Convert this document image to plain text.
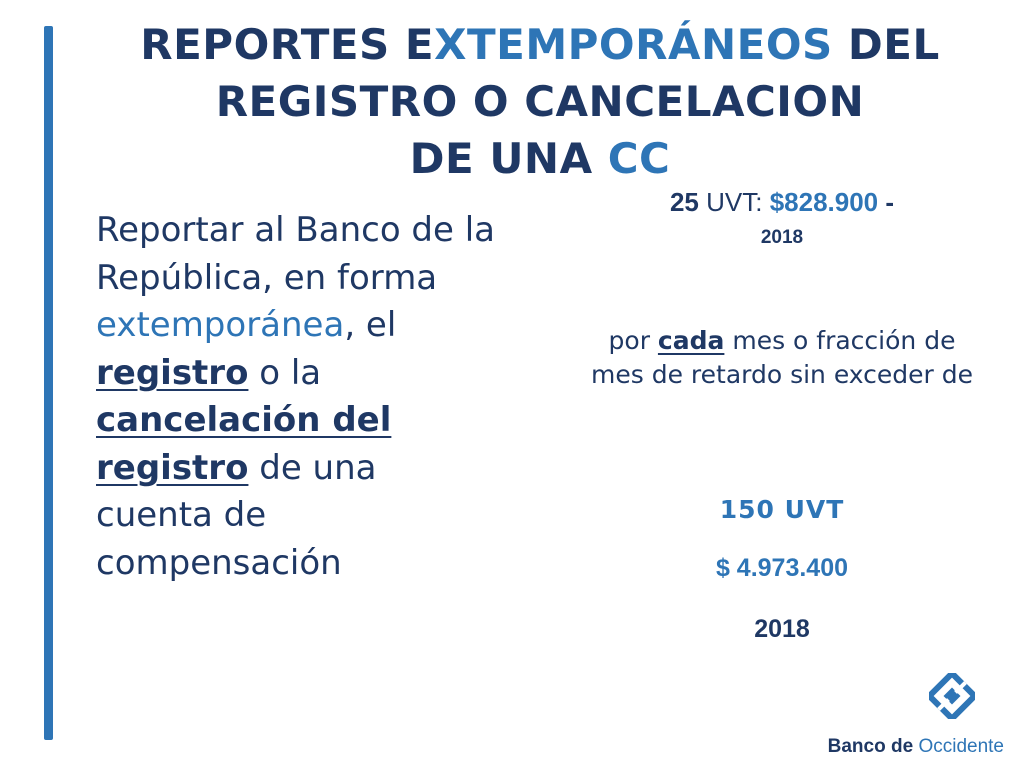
REPORTES EXTEMPORÁNEOS DEL
REGISTRO O CANCELACION
DE UNA CC
Reportar al Banco de la República, en forma extemporánea, el registro o la cancelación del registro de una cuenta de compensación
25 UVT: $828.900 -
2018
por cada mes o fracción de mes de retardo sin exceder de
150 UVT
$ 4.973.400
2018
Banco de Occidente
